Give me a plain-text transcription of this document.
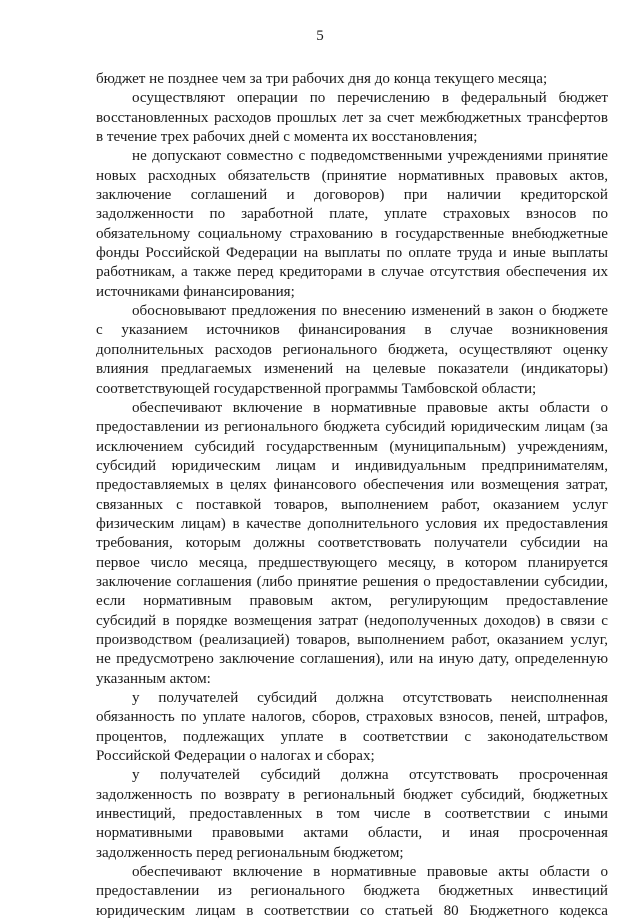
5

бюджет не позднее чем за три рабочих дня до конца текущего месяца;

осуществляют операции по перечислению в федеральный бюджет
восстановленных расходов прошлых лет за счет межбюджетных трансфертов
в течение трех рабочих дней с момента их восстановления;

не допускают совместно с подведомственными учреждениями принятие
новых расходных обязательств (принятие нормативных правовых актов,
заключение соглашений и договоров) при наличии кредиторской
задолженности по заработной плате, уплате страховых взносов по
обязательному социальному страхованию в государственные внебюджетные
фонды Российской Федерации на выплаты по оплате труда и иные выплаты
работникам, а также перед кредиторами в случае отсутствия обеспечения их
источниками финансирования;

обосновывают предложения по внесению изменений в закон о бюджете
с указанием источников финансирования в случае возникновения
дополнительных расходов регионального бюджета, осуществляют оценку
влияния предлагаемых изменений на целевые показатели (индикаторы)
соответствующей государственной программы Тамбовской области;

обеспечивают включение в нормативные правовые акты области о
предоставлении из регионального бюджета субсидий юридическим лицам (за
исключением субсидий государственным (муниципальным) учреждениям,
субсидий юридическим лицам и индивидуальным предпринимателям,
предоставляемых в целях финансового обеспечения или возмещения затрат,
связанных с поставкой товаров, выполнением работ, оказанием услуг
физическим лицам) в качестве дополнительного условия их предоставления
требования, которым должны соответствовать получатели субсидии на
первое число месяца, предшествующего месяцу, в котором планируется
заключение соглашения (либо принятие решения о предоставлении субсидии,
если нормативным правовым актом, регулирующим предоставление
субсидий в порядке возмещения затрат (недополученных доходов) в связи с
производством (реализацией) товаров, выполнением работ, оказанием услуг,
не предусмотрено заключение соглашения), или на иную дату, определенную
указанным актом:

у получателей субсидий должна отсутствовать неисполненная
обязанность по уплате налогов, сборов, страховых взносов, пеней, штрафов,
процентов, подлежащих уплате в соответствии с законодательством
Российской Федерации о налогах и сборах;

у получателей субсидий должна отсутствовать просроченная
задолженность по возврату в региональный бюджет субсидий, бюджетных
инвестиций, предоставленных в том числе в соответствии с иными
нормативными правовыми актами области, и иная просроченная
задолженность перед региональным бюджетом;

обеспечивают включение в нормативные правовые акты области о
предоставлении из регионального бюджета бюджетных инвестиций
юридическим лицам в соответствии со статьей 80 Бюджетного кодекса
